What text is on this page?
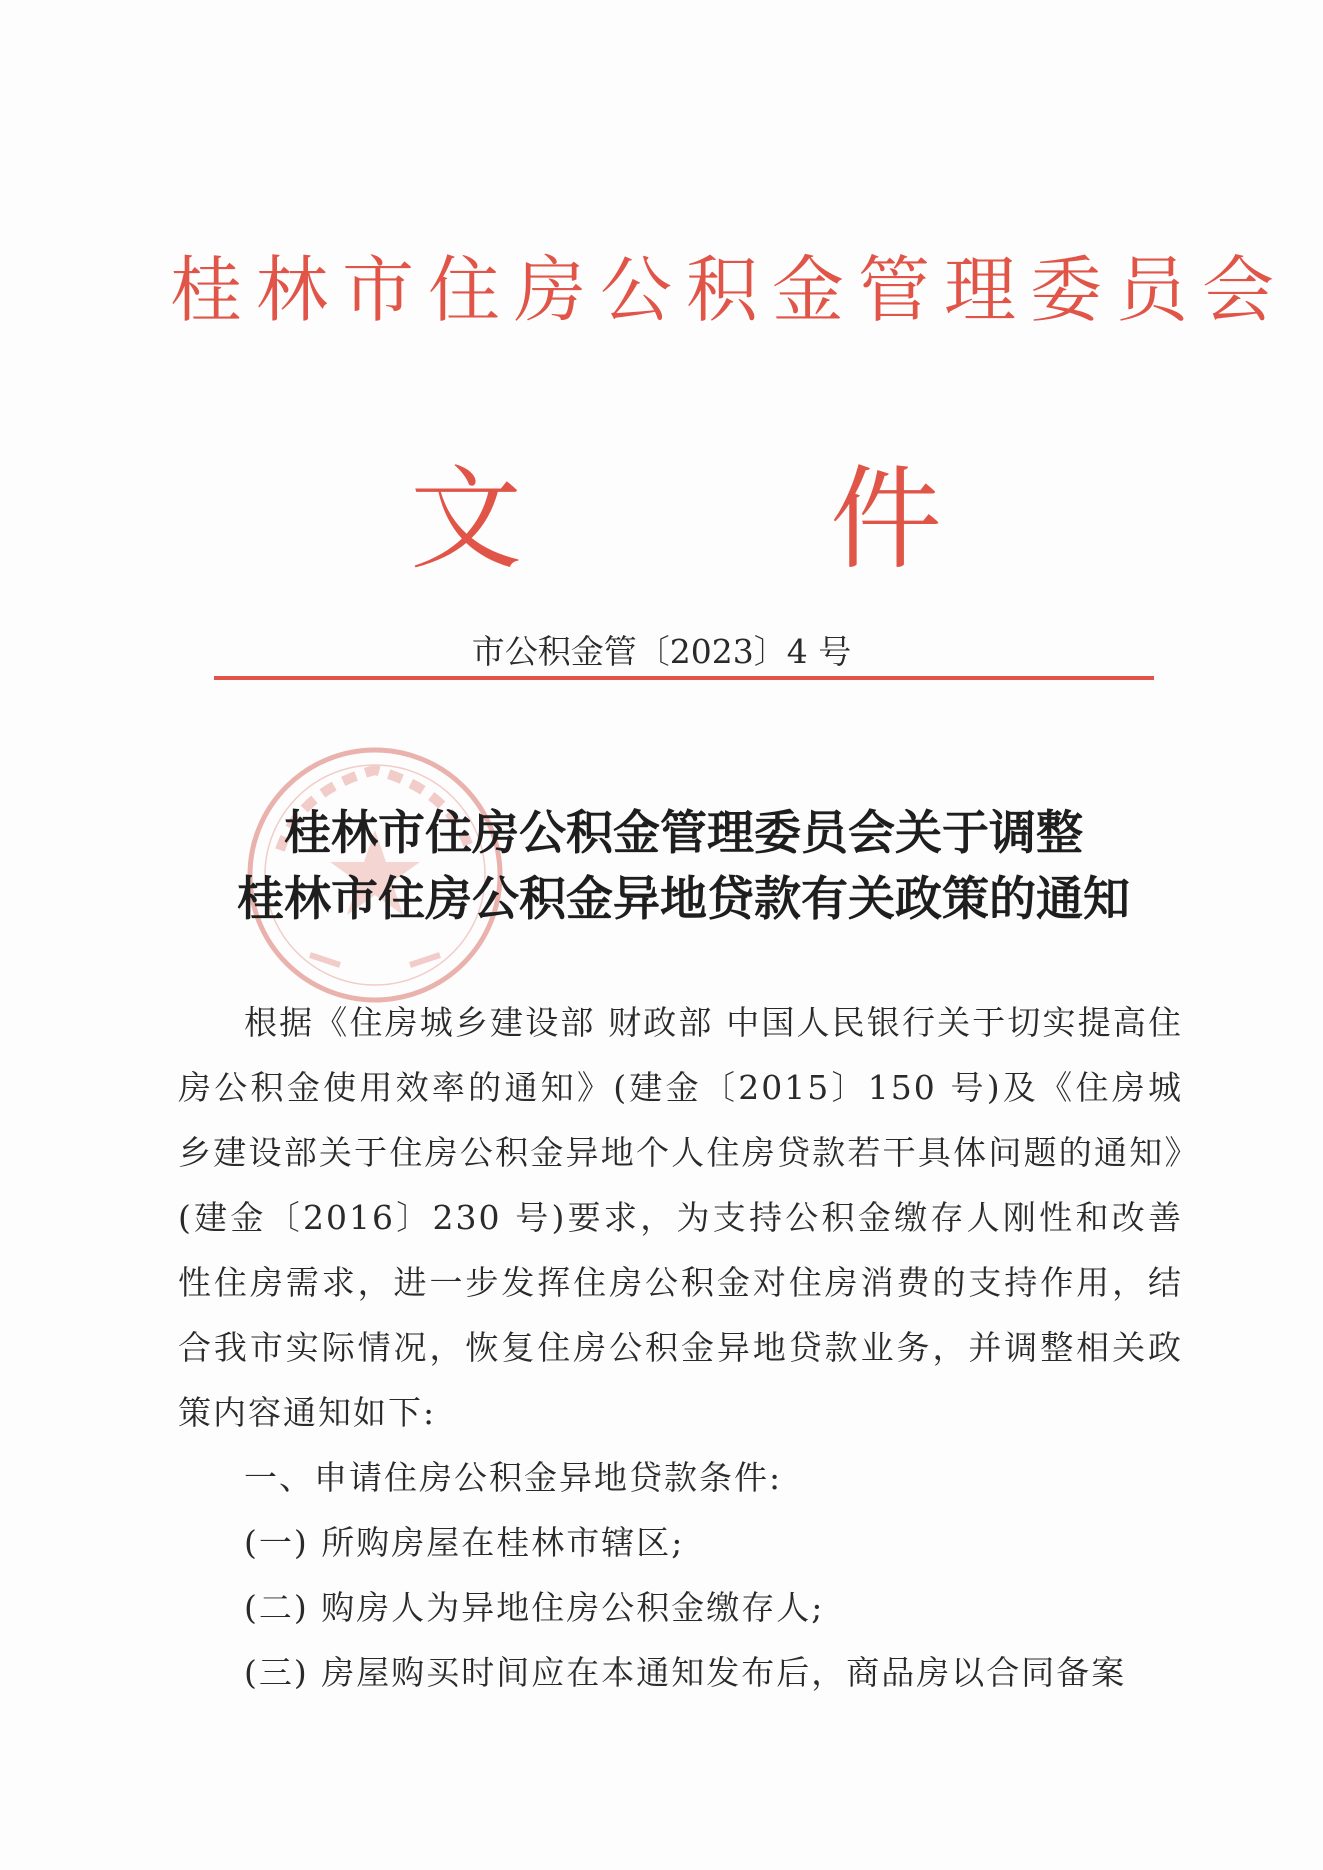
桂林市住房公积金管理委员会
文	件
市公积金管〔2023〕4 号
桂林市住房公积金管理委员会关于调整
桂林市住房公积金异地贷款有关政策的通知

根据《住房城乡建设部 财政部 中国人民银行关于切实提高住房公积金使用效率的通知》(建金〔2015〕150 号)及《住房城乡建设部关于住房公积金异地个人住房贷款若干具体问题的通知》(建金〔2016〕230 号)要求，为支持公积金缴存人刚性和改善性住房需求，进一步发挥住房公积金对住房消费的支持作用，结合我市实际情况，恢复住房公积金异地贷款业务，并调整相关政策内容通知如下:

一、申请住房公积金异地贷款条件:

(一) 所购房屋在桂林市辖区;

(二) 购房人为异地住房公积金缴存人;

(三) 房屋购买时间应在本通知发布后，商品房以合同备案
